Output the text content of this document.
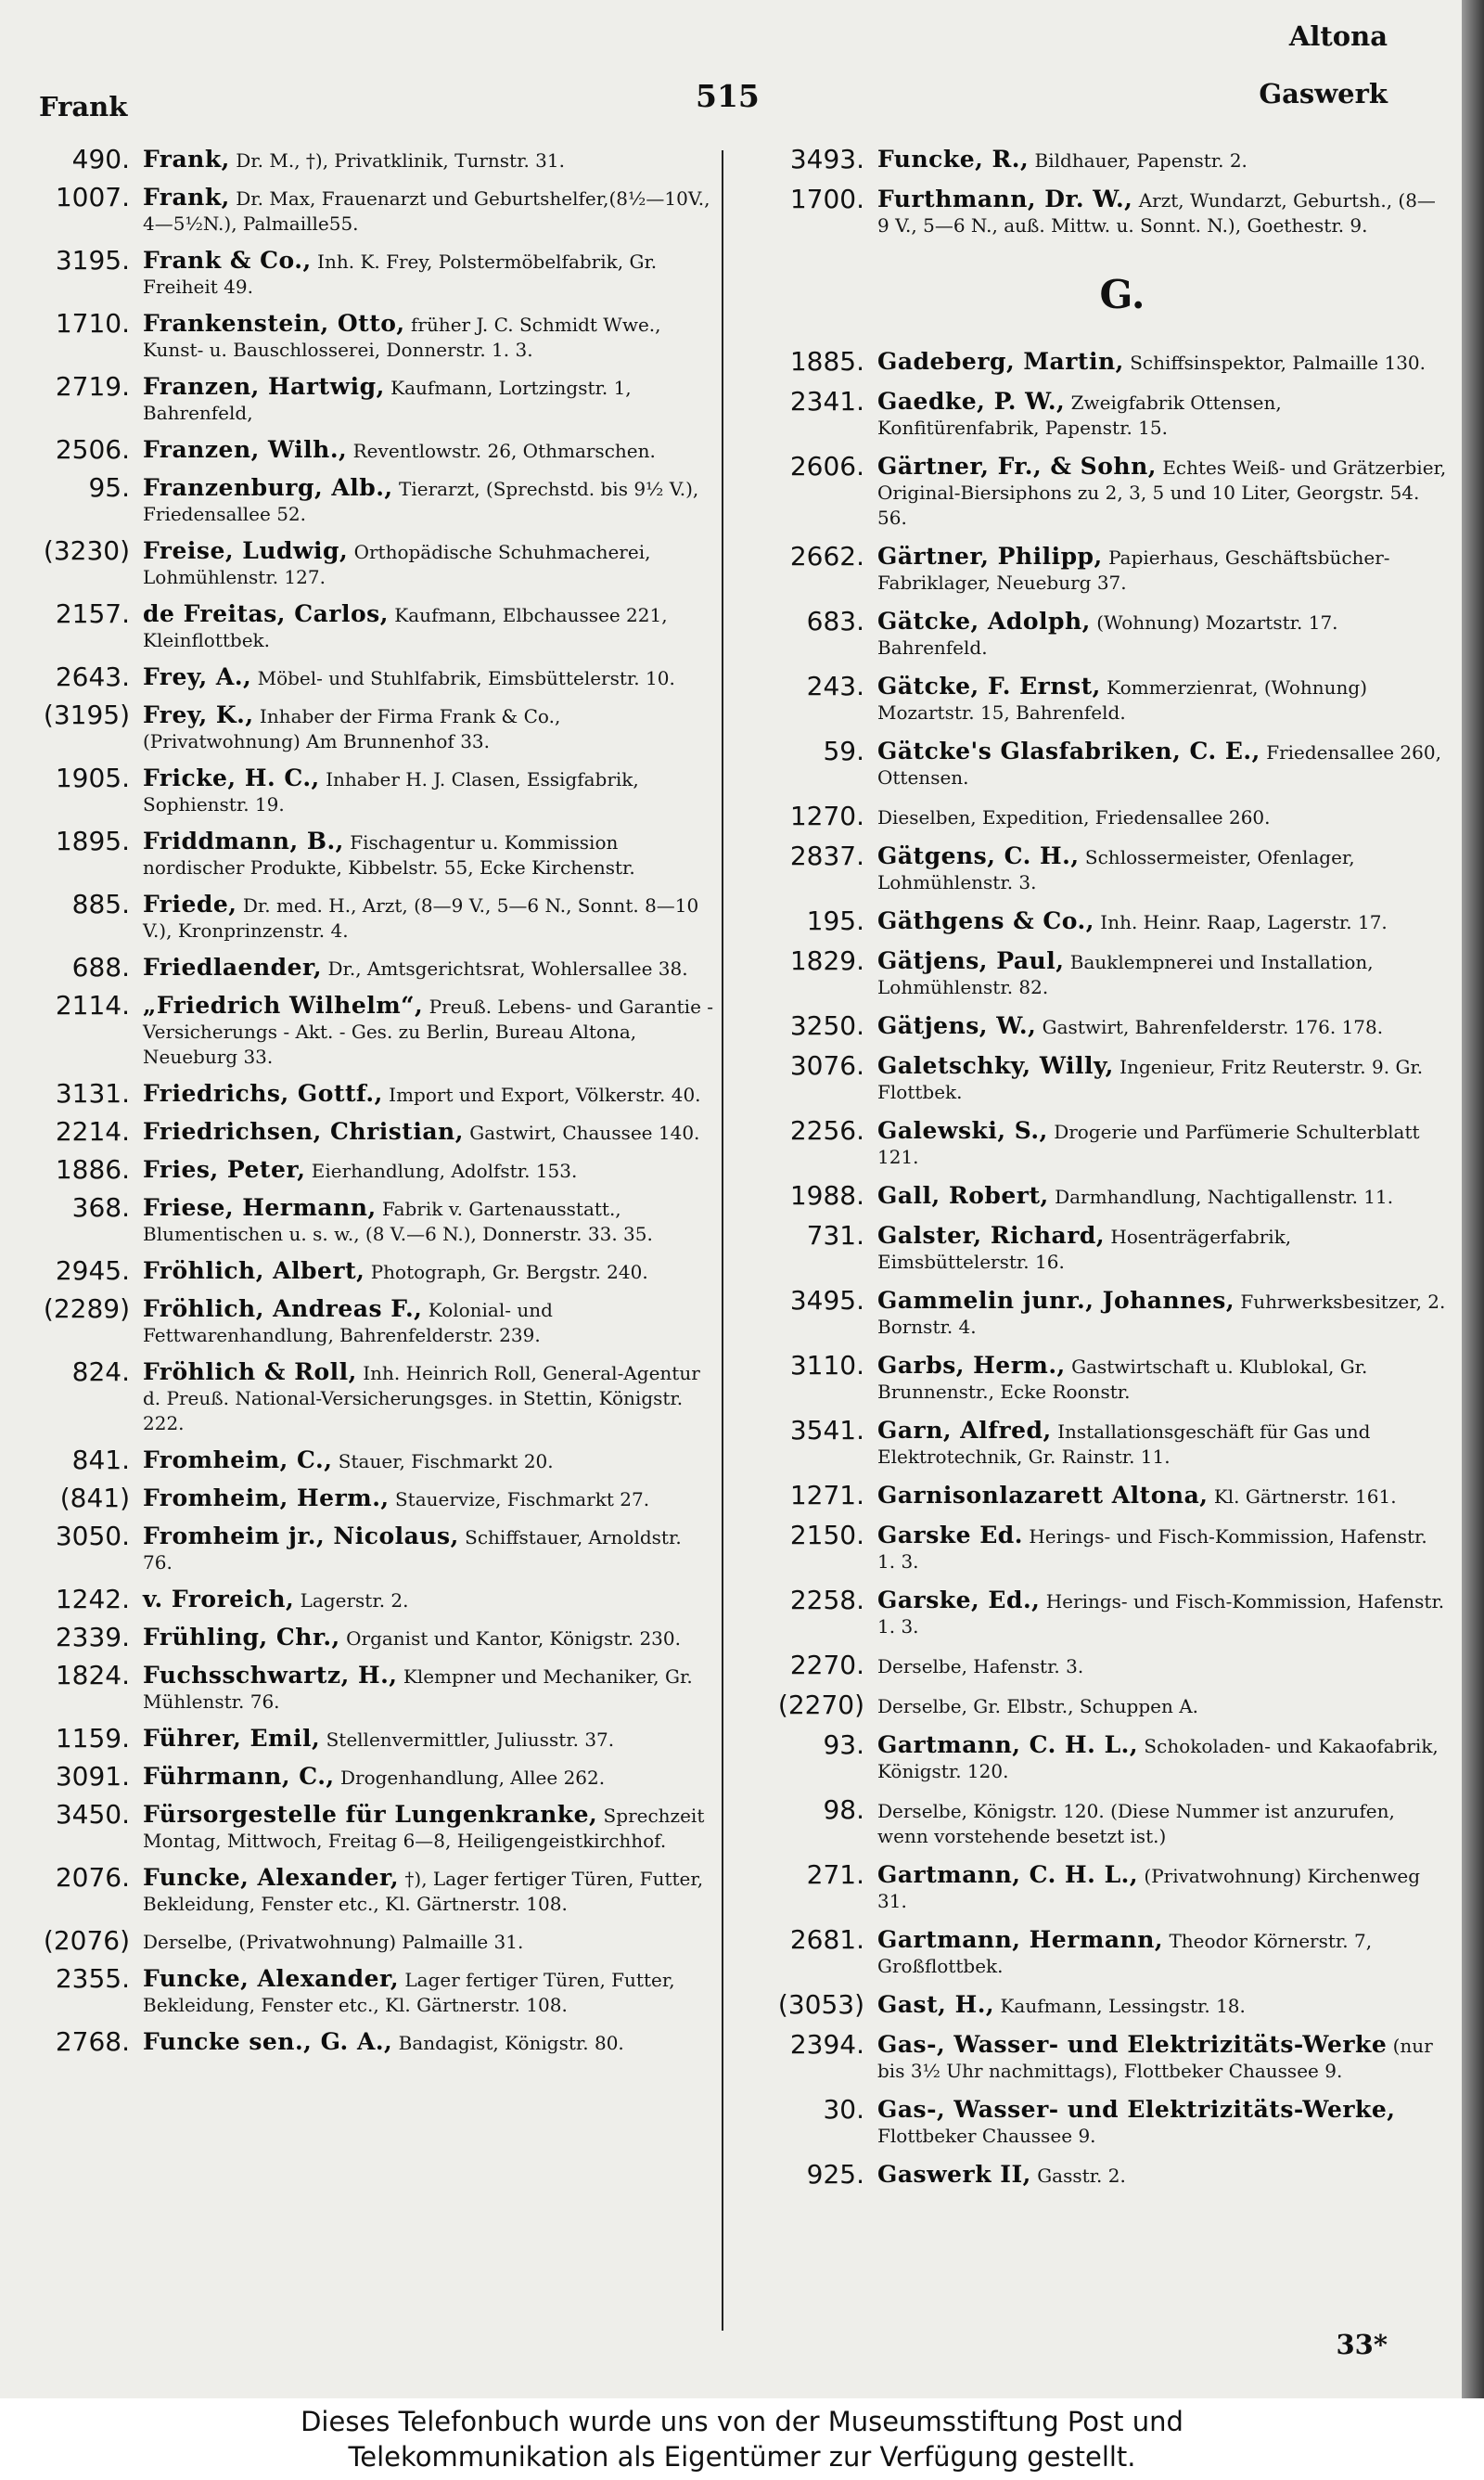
Altona
Frank	515	Gaswerk
490. Frank, Dr. M., †), Privatklinik, Turnstr. 31.
1007. Frank, Dr. Max, Frauenarzt und Geburtshelfer,(8½—10V., 4—5½N.), Palmaille55.
3195. Frank & Co., Inh. K. Frey, Polstermöbelfabrik, Gr. Freiheit 49.
1710. Frankenstein, Otto, früher J. C. Schmidt Wwe., Kunst- u. Bauschlosserei, Donnerstr. 1. 3.
2719. Franzen, Hartwig, Kaufmann, Lortzingstr. 1, Bahrenfeld,
2506. Franzen, Wilh., Reventlowstr. 26, Othmarschen.
95. Franzenburg, Alb., Tierarzt, (Sprechstd. bis 9½ V.), Friedensallee 52.
(3230) Freise, Ludwig, Orthopädische Schuhmacherei, Lohmühlenstr. 127.
2157. de Freitas, Carlos, Kaufmann, Elbchaussee 221, Kleinflottbek.
2643. Frey, A., Möbel- und Stuhlfabrik, Eimsbüttelerstr. 10.
(3195) Frey, K., Inhaber der Firma Frank & Co., (Privatwohnung) Am Brunnenhof 33.
1905. Fricke, H. C., Inhaber H. J. Clasen, Essigfabrik, Sophienstr. 19.
1895. Friddmann, B., Fischagentur u. Kommission nordischer Produkte, Kibbelstr. 55, Ecke Kirchenstr.
885. Friede, Dr. med. H., Arzt, (8—9 V., 5—6 N., Sonnt. 8—10 V.), Kronprinzenstr. 4.
688. Friedlaender, Dr., Amtsgerichtsrat, Wohlersallee 38.
2114. „Friedrich Wilhelm“, Preuß. Lebens- und Garantie - Versicherungs - Akt. - Ges. zu Berlin, Bureau Altona, Neueburg 33.
3131. Friedrichs, Gottf., Import und Export, Völkerstr. 40.
2214. Friedrichsen, Christian, Gastwirt, Chaussee 140.
1886. Fries, Peter, Eierhandlung, Adolfstr. 153.
368. Friese, Hermann, Fabrik v. Gartenausstatt., Blumentischen u. s. w., (8 V.—6 N.), Donnerstr. 33. 35.
2945. Fröhlich, Albert, Photograph, Gr. Bergstr. 240.
(2289) Fröhlich, Andreas F., Kolonial- und Fettwarenhandlung, Bahrenfelderstr. 239.
824. Fröhlich & Roll, Inh. Heinrich Roll, General-Agentur d. Preuß. National-Versicherungsges. in Stettin, Königstr. 222.
841. Fromheim, C., Stauer, Fischmarkt 20.
(841) Fromheim, Herm., Stauervize, Fischmarkt 27.
3050. Fromheim jr., Nicolaus, Schiffstauer, Arnoldstr. 76.
1242. v. Froreich, Lagerstr. 2.
2339. Frühling, Chr., Organist und Kantor, Königstr. 230.
1824. Fuchsschwartz, H., Klempner und Mechaniker, Gr. Mühlenstr. 76.
1159. Führer, Emil, Stellenvermittler, Juliusstr. 37.
3091. Führmann, C., Drogenhandlung, Allee 262.
3450. Fürsorgestelle für Lungenkranke, Sprechzeit Montag, Mittwoch, Freitag 6—8, Heiligengeistkirchhof.
2076. Funcke, Alexander, †), Lager fertiger Türen, Futter, Bekleidung, Fenster etc., Kl. Gärtnerstr. 108.
(2076) Derselbe, (Privatwohnung) Palmaille 31.
2355. Funcke, Alexander, Lager fertiger Türen, Futter, Bekleidung, Fenster etc., Kl. Gärtnerstr. 108.
2768. Funcke sen., G. A., Bandagist, Königstr. 80.
3493. Funcke, R., Bildhauer, Papenstr. 2.
1700. Furthmann, Dr. W., Arzt, Wundarzt, Geburtsh., (8—9 V., 5—6 N., auß. Mittw. u. Sonnt. N.), Goethestr. 9.
G.
1885. Gadeberg, Martin, Schiffsinspektor, Palmaille 130.
2341. Gaedke, P. W., Zweigfabrik Ottensen, Konfitürenfabrik, Papenstr. 15.
2606. Gärtner, Fr., & Sohn, Echtes Weiß- und Grätzerbier, Original-Biersiphons zu 2, 3, 5 und 10 Liter, Georgstr. 54. 56.
2662. Gärtner, Philipp, Papierhaus, Geschäftsbücher-Fabriklager, Neueburg 37.
683. Gätcke, Adolph, (Wohnung) Mozartstr. 17. Bahrenfeld.
243. Gätcke, F. Ernst, Kommerzienrat, (Wohnung) Mozartstr. 15, Bahrenfeld.
59. Gätcke's Glasfabriken, C. E., Friedensallee 260, Ottensen.
1270. Dieselben, Expedition, Friedensallee 260.
2837. Gätgens, C. H., Schlossermeister, Ofenlager, Lohmühlenstr. 3.
195. Gäthgens & Co., Inh. Heinr. Raap, Lagerstr. 17.
1829. Gätjens, Paul, Bauklempnerei und Installation, Lohmühlenstr. 82.
3250. Gätjens, W., Gastwirt, Bahrenfelderstr. 176. 178.
3076. Galetschky, Willy, Ingenieur, Fritz Reuterstr. 9. Gr. Flottbek.
2256. Galewski, S., Drogerie und Parfümerie Schulterblatt 121.
1988. Gall, Robert, Darmhandlung, Nachtigallenstr. 11.
731. Galster, Richard, Hosenträgerfabrik, Eimsbüttelerstr. 16.
3495. Gammelin junr., Johannes, Fuhrwerksbesitzer, 2. Bornstr. 4.
3110. Garbs, Herm., Gastwirtschaft u. Klublokal, Gr. Brunnenstr., Ecke Roonstr.
3541. Garn, Alfred, Installationsgeschäft für Gas und Elektrotechnik, Gr. Rainstr. 11.
1271. Garnisonlazarett Altona, Kl. Gärtnerstr. 161.
2150. Garske Ed. Herings- und Fisch-Kommission, Hafenstr. 1. 3.
2258. Garske, Ed., Herings- und Fisch-Kommission, Hafenstr. 1. 3.
2270. Derselbe, Hafenstr. 3.
(2270) Derselbe, Gr. Elbstr., Schuppen A.
93. Gartmann, C. H. L., Schokoladen- und Kakaofabrik, Königstr. 120.
98. Derselbe, Königstr. 120. (Diese Nummer ist anzurufen, wenn vorstehende besetzt ist.)
271. Gartmann, C. H. L., (Privatwohnung) Kirchenweg 31.
2681. Gartmann, Hermann, Theodor Körnerstr. 7, Großflottbek.
(3053) Gast, H., Kaufmann, Lessingstr. 18.
2394. Gas-, Wasser- und Elektrizitäts-Werke (nur bis 3½ Uhr nachmittags), Flottbeker Chaussee 9.
30. Gas-, Wasser- und Elektrizitäts-Werke, Flottbeker Chaussee 9.
925. Gaswerk II, Gasstr. 2.
33*
Dieses Telefonbuch wurde uns von der Museumsstiftung Post und
Telekommunikation als Eigentümer zur Verfügung gestellt.
